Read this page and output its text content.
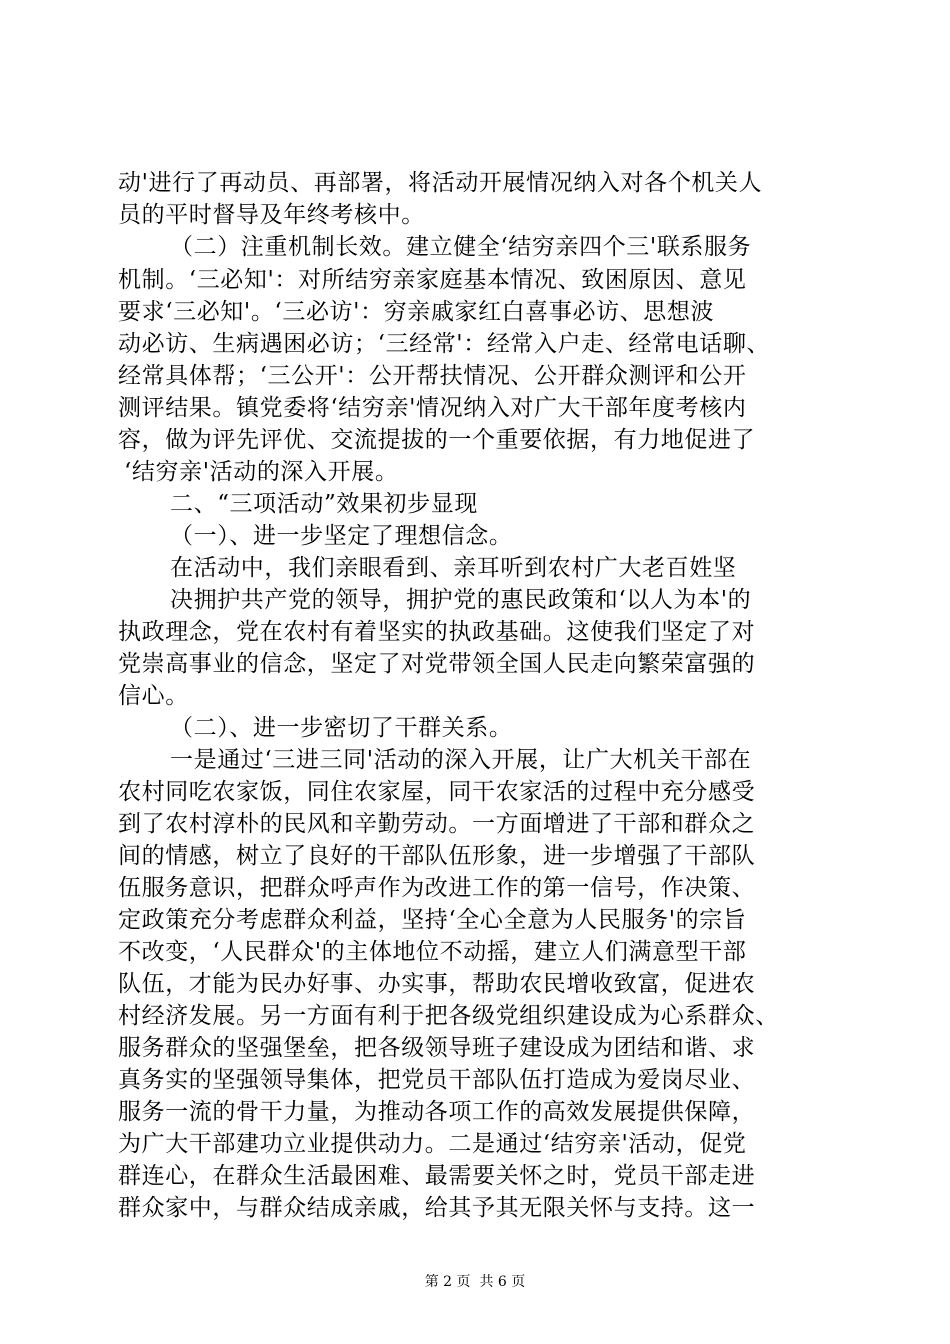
动'进行了再动员、再部署，将活动开展情况纳入对各个机关人
员的平时督导及年终考核中。
（二）注重机制长效。建立健全‘结穷亲四个三'联系服务
机制。‘三必知'：对所结穷亲家庭基本情况、致困原因、意见
要求‘三必知'。‘三必访'：穷亲戚家红白喜事必访、思想波
动必访、生病遇困必访；‘三经常'：经常入户走、经常电话聊、
经常具体帮；‘三公开'：公开帮扶情况、公开群众测评和公开
测评结果。镇党委将‘结穷亲'情况纳入对广大干部年度考核内
容，做为评先评优、交流提拔的一个重要依据，有力地促进了
‘结穷亲'活动的深入开展。
二、“三项活动”效果初步显现
（一）、进一步坚定了理想信念。
在活动中，我们亲眼看到、亲耳听到农村广大老百姓坚
决拥护共产党的领导，拥护党的惠民政策和‘以人为本'的
执政理念，党在农村有着坚实的执政基础。这使我们坚定了对
党崇高事业的信念，坚定了对党带领全国人民走向繁荣富强的
信心。
（二）、进一步密切了干群关系。
一是通过‘三进三同'活动的深入开展，让广大机关干部在
农村同吃农家饭，同住农家屋，同干农家活的过程中充分感受
到了农村淳朴的民风和辛勤劳动。一方面增进了干部和群众之
间的情感，树立了良好的干部队伍形象，进一步增强了干部队
伍服务意识，把群众呼声作为改进工作的第一信号，作决策、
定政策充分考虑群众利益，坚持‘全心全意为人民服务'的宗旨
不改变，‘人民群众'的主体地位不动摇，建立人们满意型干部
队伍，才能为民办好事、办实事，帮助农民增收致富，促进农
村经济发展。另一方面有利于把各级党组织建设成为心系群众、
服务群众的坚强堡垒，把各级领导班子建设成为团结和谐、求
真务实的坚强领导集体，把党员干部队伍打造成为爱岗尽业、
服务一流的骨干力量，为推动各项工作的高效发展提供保障，
为广大干部建功立业提供动力。二是通过‘结穷亲'活动，促党
群连心，在群众生活最困难、最需要关怀之时，党员干部走进
群众家中，与群众结成亲戚，给其予其无限关怀与支持。这一
第 2 页  共 6 页
